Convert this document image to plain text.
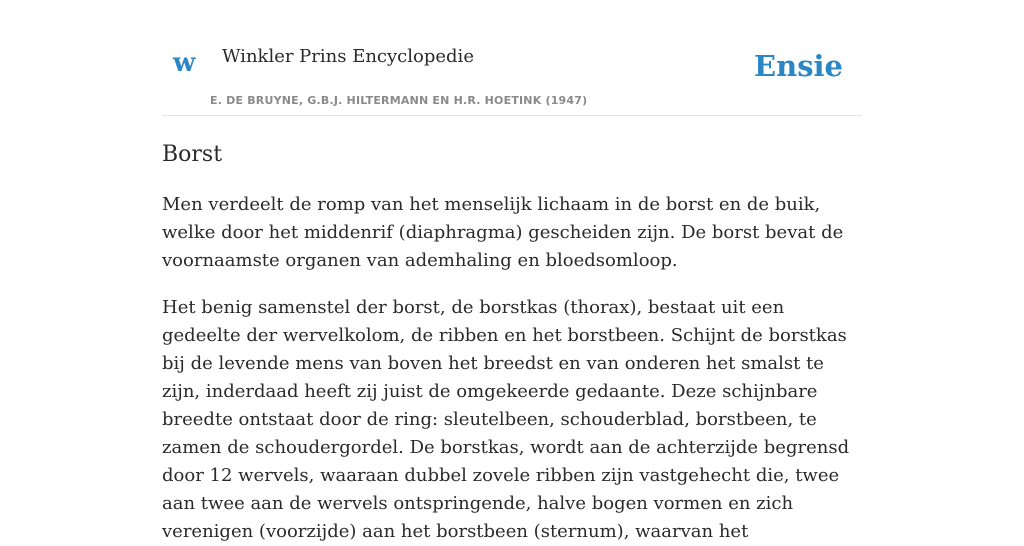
w Winkler Prins Encyclopedie
E. DE BRUYNE, G.B.J. HILTERMANN EN H.R. HOETINK (1947)
Ensie
Borst

Men verdeelt de romp van het menselijk lichaam in de borst en de buik, welke door het middenrif (diaphragma) gescheiden zijn. De borst bevat de voornaamste organen van ademhaling en bloedsomloop.

Het benig samenstel der borst, de borstkas (thorax), bestaat uit een gedeelte der wervelkolom, de ribben en het borstbeen. Schijnt de borstkas bij de levende mens van boven het breedst en van onderen het smalst te zijn, inderdaad heeft zij juist de omgekeerde gedaante. Deze schijnbare breedte ontstaat door de ring: sleutelbeen, schouderblad, borstbeen, te zamen de schoudergordel. De borstkas, wordt aan de achterzijde begrensd door 12 wervels, waaraan dubbel zovele ribben zijn vastgehecht die, twee aan twee aan de wervels ontspringende, halve bogen vormen en zich verenigen (voorzijde) aan het borstbeen (sternum), waarvan het
